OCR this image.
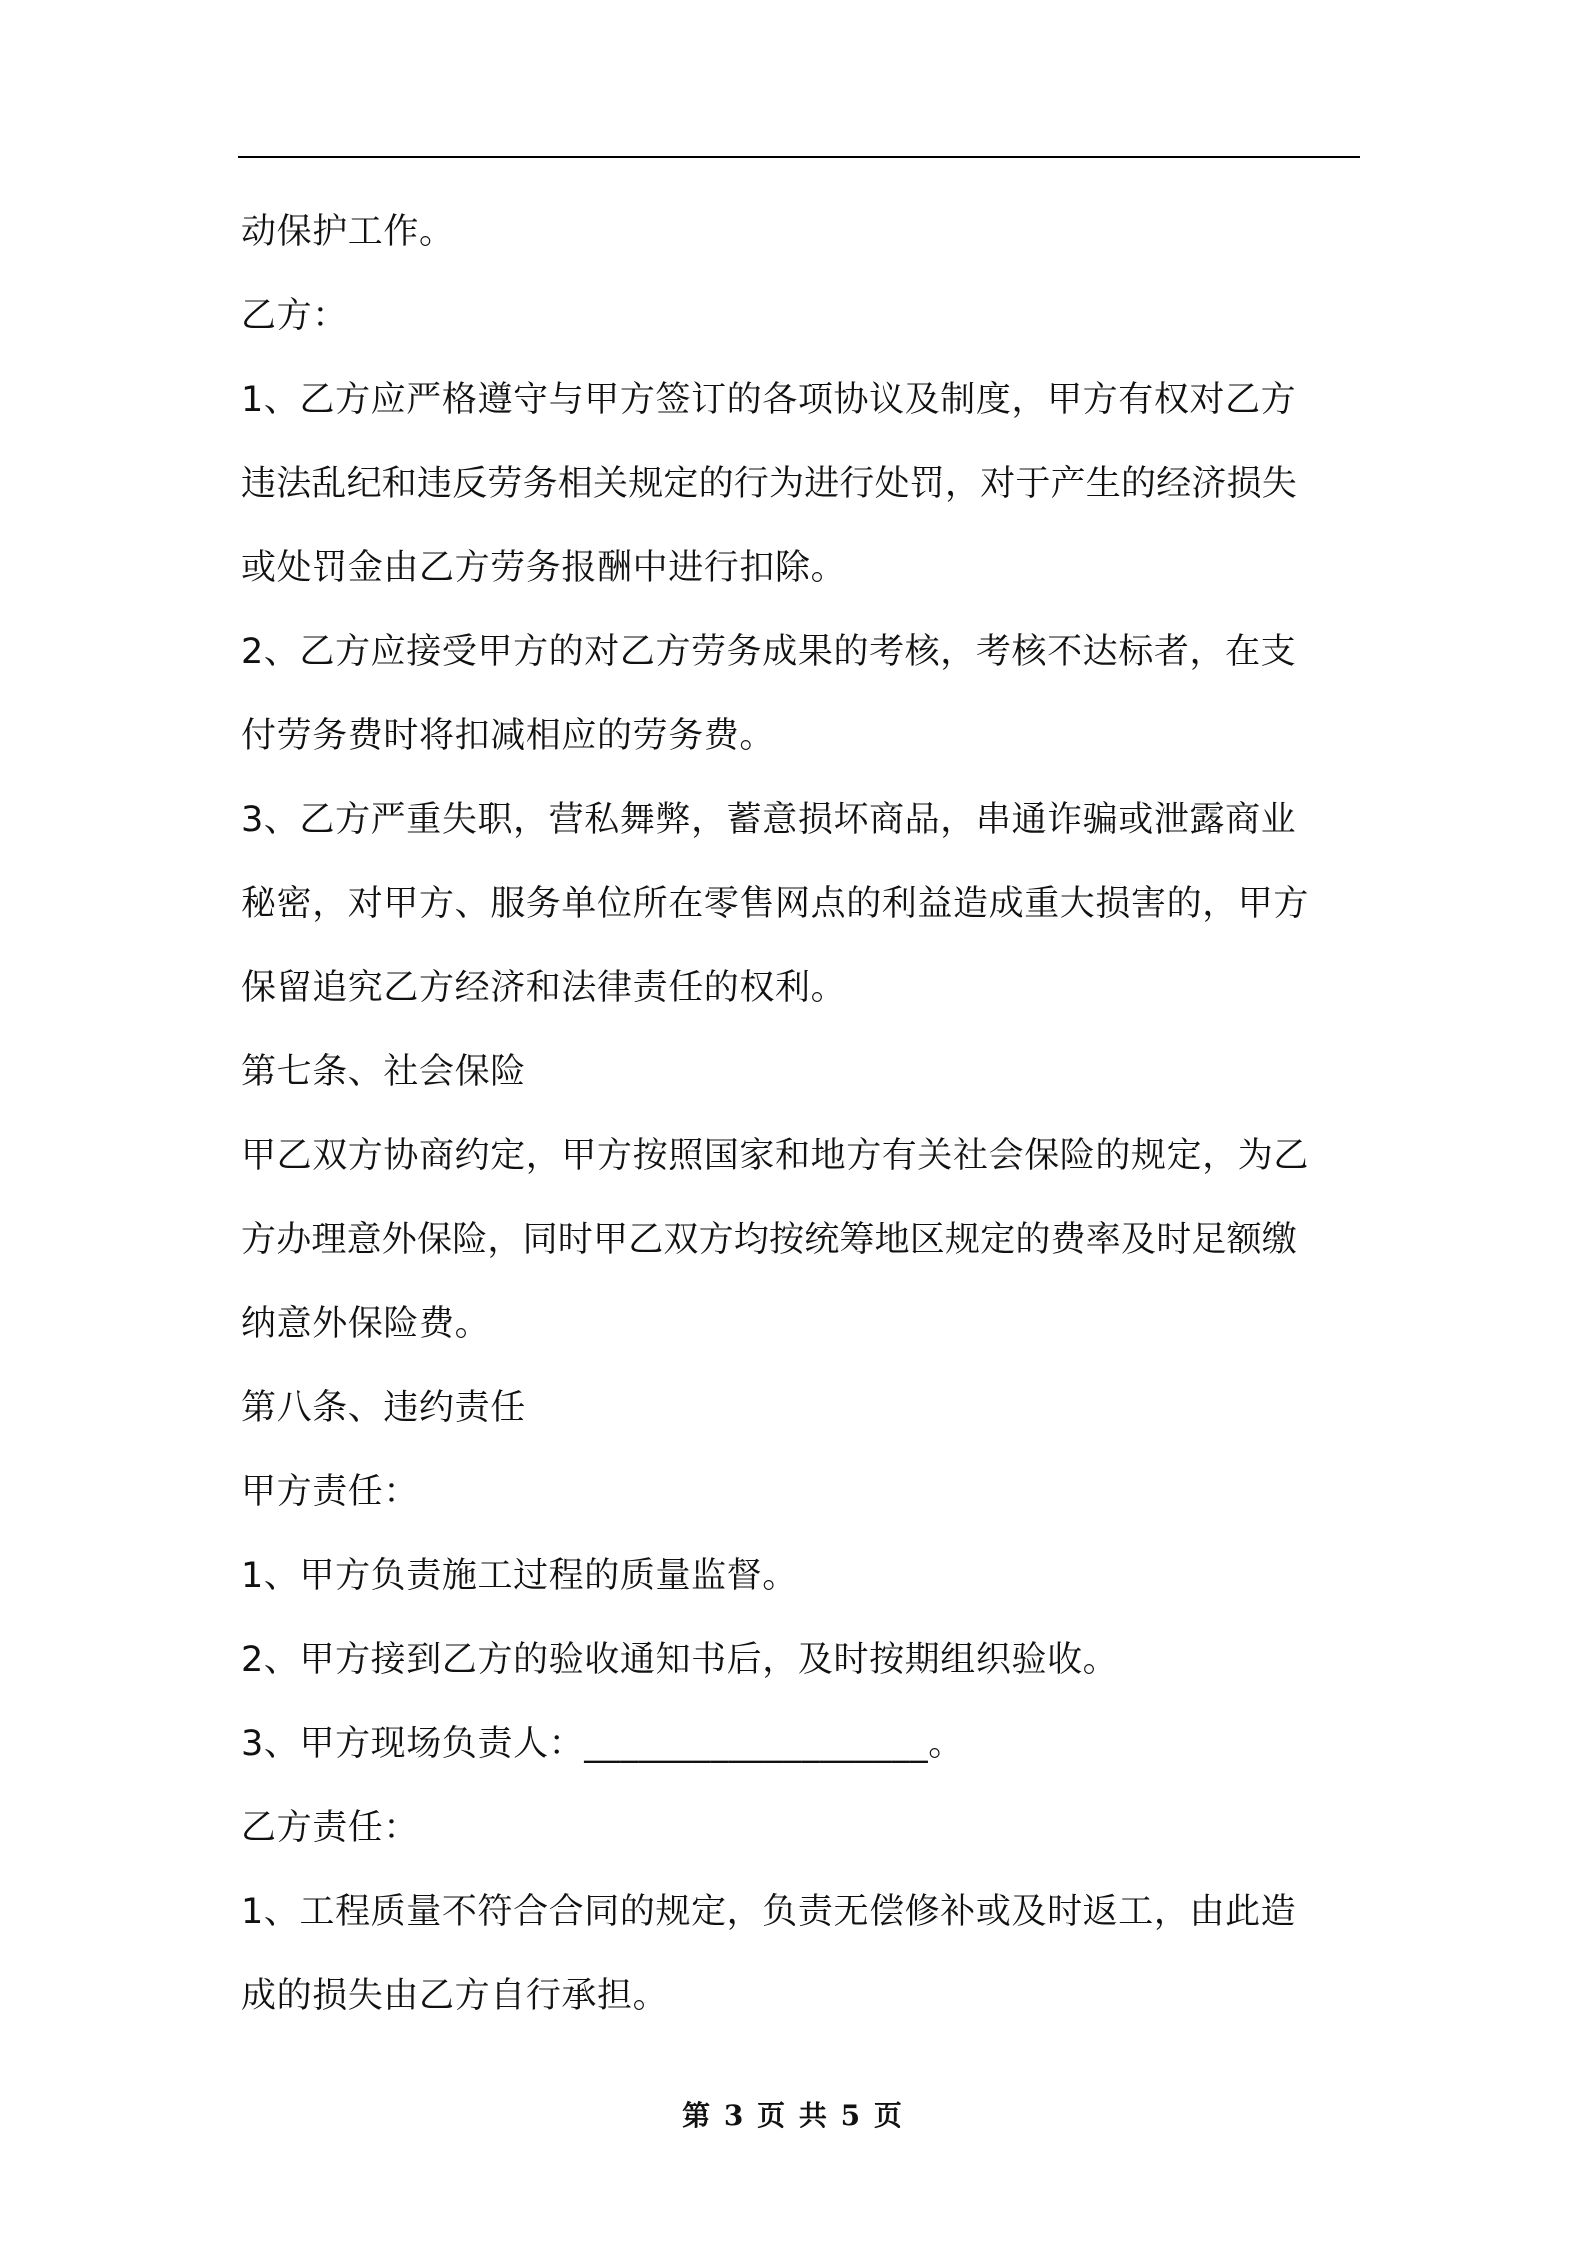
动保护工作。
乙方：
1、乙方应严格遵守与甲方签订的各项协议及制度，甲方有权对乙方
违法乱纪和违反劳务相关规定的行为进行处罚，对于产生的经济损失
或处罚金由乙方劳务报酬中进行扣除。
2、乙方应接受甲方的对乙方劳务成果的考核，考核不达标者，在支
付劳务费时将扣减相应的劳务费。
3、乙方严重失职，营私舞弊，蓄意损坏商品，串通诈骗或泄露商业
秘密，对甲方、服务单位所在零售网点的利益造成重大损害的，甲方
保留追究乙方经济和法律责任的权利。
第七条、社会保险
甲乙双方协商约定，甲方按照国家和地方有关社会保险的规定，为乙
方办理意外保险，同时甲乙双方均按统筹地区规定的费率及时足额缴
纳意外保险费。
第八条、违约责任
甲方责任：
1、甲方负责施工过程的质量监督。
2、甲方接到乙方的验收通知书后，及时按期组织验收。
3、甲方现场负责人：___________________。
乙方责任：
1、工程质量不符合合同的规定，负责无偿修补或及时返工，由此造
成的损失由乙方自行承担。
第 3 页 共 5 页
